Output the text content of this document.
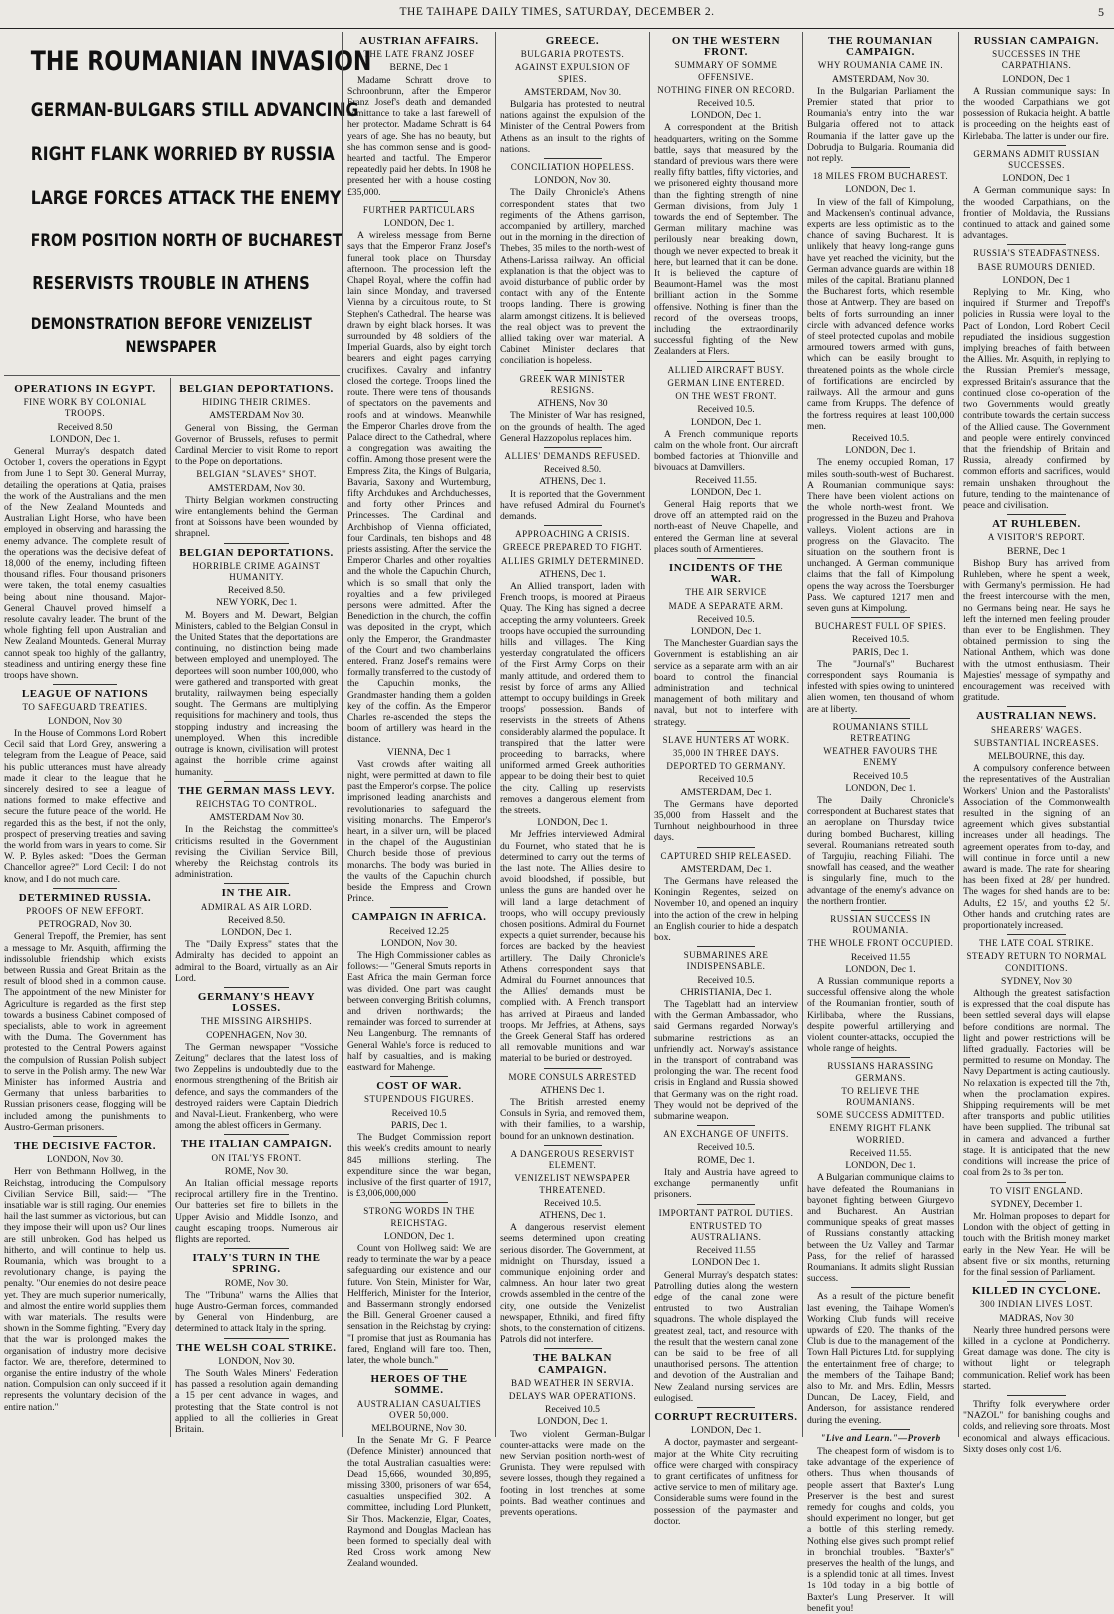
THE TAIHAPE DAILY TIMES, SATURDAY, DECEMBER 2.	5
THE ROUMANIAN INVASION
GERMAN-BULGARS STILL ADVANCING
RIGHT FLANK WORRIED BY RUSSIA
LARGE FORCES ATTACK THE ENEMY
FROM POSITION NORTH OF BUCHAREST
RESERVISTS TROUBLE IN ATHENS
DEMONSTRATION BEFORE VENIZELIST
NEWSPAPER
OPERATIONS IN EGYPT.
FINE WORK BY COLONIAL TROOPS.
Received 8.50
LONDON, Dec 1.

General Murray's despatch dated October 1, covers the operations in Egypt from June 1 to Sept 30. General Murray, detailing the operations at Qatia, praises the work of the Australians and the men of the New Zealand Mounteds and Australian Light Horse, who have been employed in observing and harassing the enemy advance. The complete result of the operations was the decisive defeat of 18,000 of the enemy, including fifteen thousand rifles. Four thousand prisoners were taken, the total enemy casualties being about nine thousand. Major-General Chauvel proved himself a resolute cavalry leader. The brunt of the whole fighting fell upon Australian and New Zealand Mounteds. General Murray cannot speak too highly of the gallantry, steadiness and untiring energy these fine troops have shown.

LEAGUE OF NATIONS
TO SAFEGUARD TREATIES.
LONDON, Nov 30

In the House of Commons Lord Robert Cecil said that Lord Grey, answering a telegram from the League of Peace, said his public utterances must have already made it clear to the league that he sincerely desired to see a league of nations formed to make effective and secure the future peace of the world. He regarded this as the best, if not the only, prospect of preserving treaties and saving the world from wars in years to come. Sir W. P. Byles asked: "Does the German Chancellor agree?" Lord Cecil: I do not know, and I do not much care.

DETERMINED RUSSIA.
PROOFS OF NEW EFFORT.
PETROGRAD, Nov 30.

General Trepoff, the Premier, has sent a message to Mr. Asquith, affirming the indissoluble friendship which exists between Russia and Great Britain as the result of blood shed in a common cause. The appointment of the new Minister for Agriculture is regarded as the first step towards a business Cabinet composed of specialists, able to work in agreement with the Duma. The Government has protested to the Central Powers against the compulsion of Russian Polish subject to serve in the Polish army. The new War Minister has informed Austria and Germany that unless barbarities to Russian prisoners cease, flogging will be included among the punishments to Austro-German prisoners.

THE DECISIVE FACTOR.
LONDON, Nov 30.

Herr von Bethmann Hollweg, in the Reichstag, introducing the Compulsory Civilian Service Bill, said:— "The insatiable war is still raging. Our enemies hail the last summer as victorious, but can they impose their will upon us? Our lines are still unbroken. God has helped us hitherto, and will continue to help us. Roumania, which was brought to a revolutionary change, is paying the penalty. "Our enemies do not desire peace yet. They are much superior numerically, and almost the entire world supplies them with war materials. The results were shown in the Somme fighting. "Every day that the war is prolonged makes the organisation of industry more decisive factor. We are, therefore, determined to organise the entire industry of the whole nation. Compulsion can only succeed if it represents the voluntary decision of the entire nation."

BELGIAN DEPORTATIONS.
HIDING THEIR CRIMES.
AMSTERDAM Nov 30.

General von Bissing, the German Governor of Brussels, refuses to permit Cardinal Mercier to visit Rome to report to the Pope on deportations.

BELGIAN "SLAVES" SHOT.
AMSTERDAM, Nov 30.

Thirty Belgian workmen constructing wire entanglements behind the German front at Soissons have been wounded by shrapnel.

BELGIAN DEPORTATIONS.
HORRIBLE CRIME AGAINST HUMANITY.
Received 8.50.
NEW YORK, Dec 1.

M. Boyers and M. Dewart, Belgian Ministers, cabled to the Belgian Consul in the United States that the deportations are continuing, no distinction being made between employed and unemployed. The deportees will soon number 100,000, who were gathered and transported with great brutality, railwaymen being especially sought. The Germans are multiplying requisitions for machinery and tools, thus stopping industry and increasing the unemployed. When this incredible outrage is known, civilisation will protest against the horrible crime against humanity.

THE GERMAN MASS LEVY.
REICHSTAG TO CONTROL.
AMSTERDAM Nov 30.

In the Reichstag the committee's criticisms resulted in the Government revising the Civilian Service Bill, whereby the Reichstag controls its administration.

IN THE AIR.
ADMIRAL AS AIR LORD.
Received 8.50.
LONDON, Dec 1.

The "Daily Express" states that the Admiralty has decided to appoint an admiral to the Board, virtually as an Air Lord.

GERMANY'S HEAVY LOSSES.
THE MISSING AIRSHIPS.
COPENHAGEN, Nov 30.

The German newspaper "Vossiche Zeitung" declares that the latest loss of two Zeppelins is undoubtedly due to the enormous strengthening of the British air defence, and says the commanders of the destroyed raiders were Captain Diedrich and Naval-Lieut. Frankenberg, who were among the ablest officers in Germany.

THE ITALIAN CAMPAIGN.
ON ITAL'YS FRONT.
ROME, Nov 30.

An Italian official message reports reciprocal artillery fire in the Trentino. Our batteries set fire to billets in the Upper Avisio and Middle Isonzo, and caught escaping troops. Numerous air flights are reported.

ITALY'S TURN IN THE SPRING.
ROME, Nov 30.

The "Tribuna" warns the Allies that huge Austro-German forces, commanded by General von Hindenburg, are determined to attack Italy in the spring.

THE WELSH COAL STRIKE.
LONDON, Nov 30.

The South Wales Miners' Federation has passed a resolution again demanding a 15 per cent advance in wages, and protesting that the State control is not applied to all the collieries in Great Britain.

AUSTRIAN AFFAIRS.
THE LATE FRANZ JOSEF
BERNE, Dec 1

Madame Schratt drove to Schroonbrunn, after the Emperor Franz Josef's death and demanded admittance to take a last farewell of her protector. Madame Schratt is 64 years of age. She has no beauty, but she has common sense and is good-hearted and tactful. The Emperor repeatedly paid her debts. In 1908 he presented her with a house costing £35,000.

FURTHER PARTICULARS
LONDON, Dec 1.

A wireless message from Berne says that the Emperor Franz Josef's funeral took place on Thursday afternoon. The procession left the Chapel Royal, where the coffin had lain since Monday, and traversed Vienna by a circuitous route, to St Stephen's Cathedral. The hearse was drawn by eight black horses. It was surrounded by 48 soldiers of the Imperial Guards, also by eight torch bearers and eight pages carrying crucifixes. Cavalry and infantry closed the cortege. Troops lined the route. There were tens of thousands of spectators on the pavements and roofs and at windows. Meanwhile the Emperor Charles drove from the Palace direct to the Cathedral, where a congregation was awaiting the coffin. Among those present were the Empress Zita, the Kings of Bulgaria, Bavaria, Saxony and Wurtemburg, fifty Archdukes and Archduchesses, and forty other Princes and Princesses. The Cardinal and Archbishop of Vienna officiated, four Cardinals, ten bishops and 48 priests assisting. After the service the Emperor Charles and other royalties and the whole the Capuchin Church, which is so small that only the royalties and a few privileged persons were admitted. After the Benediction in the church, the coffin was deposited in the crypt, which only the Emperor, the Grandmaster of the Court and two chamberlains entered. Franz Josef's remains were formally transferred to the custody of the Capuchin monks, the Grandmaster handing them a golden key of the coffin. As the Emperor Charles re-ascended the steps the boom of artillery was heard in the distance.

VIENNA, Dec 1

Vast crowds after waiting all night, were permitted at dawn to file past the Emperor's corpse. The police imprisoned leading anarchists and revolutionaries to safeguard the visiting monarchs. The Emperor's heart, in a silver urn, will be placed in the chapel of the Augustinian Church beside those of previous monarchs. The body was buried in the vaults of the Capuchin church beside the Empress and Crown Prince.

CAMPAIGN IN AFRICA.
Received 12.25
LONDON, Nov 30.

The High Commissioner cables as follows:— "General Smuts reports in East Africa the main German force was divided. One part was caught between converging British columns, and driven northwards; the remainder was forced to surrender at Neu Langenburg. The remnants of General Wahle's force is reduced to half by casualties, and is making eastward for Mahenge.

COST OF WAR.
STUPENDOUS FIGURES.
Received 10.5
PARIS, Dec 1.

The Budget Commission report this week's credits amount to nearly 845 millions sterling. The expenditure since the war began, inclusive of the first quarter of 1917, is £3,006,000,000

STRONG WORDS IN THE REICHSTAG.
LONDON, Dec 1.

Count von Hollweg said: We are ready to terminate the war by a peace safeguarding our existence and our future. Von Stein, Minister for War, Helfferich, Minister for the Interior, and Bassermann strongly endorsed the Bill. General Groener caused a sensation in the Reichstag by crying: "I promise that just as Roumania has fared, England will fare too. Then, later, the whole bunch."

HEROES OF THE SOMME.
AUSTRALIAN CASUALTIES OVER 50,000.
MELBOURNE, Nov 30.

In the Senate Mr G. F Pearce (Defence Minister) announced that the total Australian casualties were: Dead 15,666, wounded 30,895, missing 3300, prisoners of war 654, casualties unspecified 302. A committee, including Lord Plunkett, Sir Thos. Mackenzie, Elgar, Coates, Raymond and Douglas Maclean has been formed to specially deal with Red Cross work among New Zealand wounded.

GREECE.
BULGARIA PROTESTS.
AGAINST EXPULSION OF SPIES.
AMSTERDAM, Nov 30.

Bulgaria has protested to neutral nations against the expulsion of the Minister of the Central Powers from Athens as an insult to the rights of nations.

CONCILIATION HOPELESS.
LONDON, Nov 30.

The Daily Chronicle's Athens correspondent states that two regiments of the Athens garrison, accompanied by artillery, marched out in the morning in the direction of Thebes, 35 miles to the north-west of Athens-Larissa railway. An official explanation is that the object was to avoid disturbance of public order by contact with any of the Entente troops landing. There is growing alarm amongst citizens. It is believed the real object was to prevent the allied taking over war material. A Cabinet Minister declares that conciliation is hopeless.

GREEK WAR MINISTER RESIGNS.
ATHENS, Nov 30

The Minister of War has resigned, on the grounds of health. The aged General Hazzopolus replaces him.

ALLIES' DEMANDS REFUSED.
Received 8.50.
ATHENS, Dec 1.

It is reported that the Government have refused Admiral du Fournet's demands.

APPROACHING A CRISIS.
GREECE PREPARED TO FIGHT.
ALLIES GRIMLY DETERMINED.
ATHENS, Dec 1.

An Allied transport, laden with French troops, is moored at Piraeus Quay. The King has signed a decree accepting the army volunteers. Greek troops have occupied the surrounding hills and villages. The King yesterday congratulated the officers of the First Army Corps on their manly attitude, and ordered them to resist by force of arms any Allied attempt to occupy buildings in Greek troops' possession. Bands of reservists in the streets of Athens considerably alarmed the populace. It transpired that the latter were proceeding to barracks, where uniformed armed Greek authorities appear to be doing their best to quiet the city. Calling up reservists removes a dangerous element from the streets.

LONDON, Dec 1.

Mr Jeffries interviewed Admiral du Fournet, who stated that he is determined to carry out the terms of the last note. The Allies desire to avoid bloodshed, if possible, but unless the guns are handed over he will land a large detachment of troops, who will occupy previously chosen positions. Admiral du Fournet expects a quiet surrender, because his forces are backed by the heaviest artillery. The Daily Chronicle's Athens correspondent says that Admiral du Fournet announces that the Allies' demands must be complied with. A French transport has arrived at Piraeus and landed troops. Mr Jeffries, at Athens, says the Greek General Staff has ordered all removable munitions and war material to be buried or destroyed.

MORE CONSULS ARRESTED
ATHENS Dec 1.

The British arrested enemy Consuls in Syria, and removed them, with their families, to a warship, bound for an unknown destination.

A DANGEROUS RESERVIST ELEMENT.
VENIZELIST NEWSPAPER THREATENED.
Received 10.5.
ATHENS, Dec 1.

A dangerous reservist element seems determined upon creating serious disorder. The Government, at midnight on Thursday, issued a communique enjoining order and calmness. An hour later two great crowds assembled in the centre of the city, one outside the Venizelist newspaper, Ethniki, and fired fifty shots, to the consternation of citizens. Patrols did not interfere.

THE BALKAN CAMPAIGN.
BAD WEATHER IN SERVIA.
DELAYS WAR OPERATIONS.
Received 10.5
LONDON, Dec 1.

Two violent German-Bulgar counter-attacks were made on the new Servian position north-west of Grunista. They were repulsed with severe losses, though they regained a footing in lost trenches at some points. Bad weather continues and prevents operations.

ON THE WESTERN FRONT.
SUMMARY OF SOMME OFFENSIVE.
NOTHING FINER ON RECORD.
Received 10.5.
LONDON, Dec 1.

A correspondent at the British headquarters, writing on the Somme battle, says that measured by the standard of previous wars there were really fifty battles, fifty victories, and we prisonered eighty thousand more than the fighting strength of nine German divisions, from July 1 towards the end of September. The German military machine was perilously near breaking down, though we never expected to break it here, but learned that it can be done. It is believed the capture of Beaumont-Hamel was the most brilliant action in the Somme offensive. Nothing is finer than the record of the overseas troops, including the extraordinarily successful fighting of the New Zealanders at Flers.

ALLIED AIRCRAFT BUSY.
GERMAN LINE ENTERED.
ON THE WEST FRONT.
Received 10.5.
LONDON, Dec 1.

A French communique reports calm on the whole front. Our aircraft bombed factories at Thionville and bivouacs at Damvillers.

Received 11.55.
LONDON, Dec 1.

General Haig reports that we drove off an attempted raid on the north-east of Neuve Chapelle, and entered the German line at several places south of Armentieres.

INCIDENTS OF THE WAR.
THE AIR SERVICE
MADE A SEPARATE ARM.
Received 10.5.
LONDON, Dec 1.

The Manchester Guardian says the Government is establishing an air service as a separate arm with an air board to control the financial administration and technical management of both military and naval, but not to interfere with strategy.

SLAVE HUNTERS AT WORK.
35,000 IN THREE DAYS.
DEPORTED TO GERMANY.
Received 10.5
AMSTERDAM, Dec 1.

The Germans have deported 35,000 from Hasselt and the Turnhout neighbourhood in three days.

CAPTURED SHIP RELEASED.
AMSTERDAM, Dec 1.

The Germans have released the Koningin Regentes, seized on November 10, and opened an inquiry into the action of the crew in helping an English courier to hide a despatch box.

SUBMARINES ARE INDISPENSABLE.
Received 10.5.
CHRISTIANIA, Dec 1.

The Tageblatt had an interview with the German Ambassador, who said Germans regarded Norway's submarine restrictions as an unfriendly act. Norway's assistance in the transport of contraband was prolonging the war. The recent food crisis in England and Russia showed that Germany was on the right road. They would not be deprived of the submarine weapon.

AN EXCHANGE OF UNFITS.
Received 10.5.
ROME, Dec 1.

Italy and Austria have agreed to exchange permanently unfit prisoners.

IMPORTANT PATROL DUTIES.
ENTRUSTED TO AUSTRALIANS.
Received 11.55
LONDON Dec 1.

General Murray's despatch states: Patrolling duties along the western edge of the canal zone were entrusted to two Australian squadrons. The whole displayed the greatest zeal, tact, and resource with the result that the western canal zone can be said to be free of all unauthorised persons. The attention and devotion of the Australian and New Zealand nursing services are eulogised.

CORRUPT RECRUITERS.
LONDON, Dec 1.

A doctor, paymaster and sergeant-major at the White City recruiting office were charged with conspiracy to grant certificates of unfitness for active service to men of military age. Considerable sums were found in the possession of the paymaster and doctor.

THE ROUMANIAN CAMPAIGN.
WHY ROUMANIA CAME IN.
AMSTERDAM, Nov 30.

In the Bulgarian Parliament the Premier stated that prior to Roumania's entry into the war Bulgaria offered not to attack Roumania if the latter gave up the Dobrudja to Bulgaria. Roumania did not reply.

18 MILES FROM BUCHAREST.
LONDON, Dec 1.

In view of the fall of Kimpolung, and Mackensen's continual advance, experts are less optimistic as to the chance of saving Bucharest. It is unlikely that heavy long-range guns have yet reached the vicinity, but the German advance guards are within 18 miles of the capital. Bratianu planned the Bucharest forts, which resemble those at Antwerp. They are based on belts of forts surrounding an inner circle with advanced defence works of steel protected cupolas and mobile armoured towers armed with guns, which can be easily brought to threatened points as the whole circle of fortifications are encircled by railways. All the armour and guns came from Krupps. The defence of the fortress requires at least 100,000 men.

Received 10.5.
LONDON, Dec 1.

The enemy occupied Roman, 17 miles south-south-west of Bucharest. A Roumanian communique says: There have been violent actions on the whole north-west front. We progressed in the Buzeu and Prahova valleys. Violent actions are in progress on the Glavacito. The situation on the southern front is unchanged. A German communique claims that the fall of Kimpolung opens the way across the Toersburger Pass. We captured 1217 men and seven guns at Kimpolung.

BUCHAREST FULL OF SPIES.
Received 10.5.
PARIS, Dec 1.

The "Journal's" Bucharest correspondent says Roumania is infested with spies owing to unintered alien women, ten thousand of whom are at liberty.

ROUMANIANS STILL RETREATING
WEATHER FAVOURS THE ENEMY
Received 10.5
LONDON, Dec 1.

The Daily Chronicle's correspondent at Bucharest states that an aeroplane on Thursday twice during bombed Bucharest, killing several. Roumanians retreated south of Targujiu, reaching Filiahi. The snowfall has ceased, and the weather is singularly fine, much to the advantage of the enemy's advance on the northern frontier.

RUSSIAN SUCCESS IN ROUMANIA.
THE WHOLE FRONT OCCUPIED.
Received 11.55
LONDON, Dec 1.

A Russian communique reports a successful offensive along the whole of the Roumanian frontier, south of Kirlibaba, where the Russians, despite powerful artillerying and violent counter-attacks, occupied the whole range of heights.

RUSSIANS HARASSING GERMANS.
TO RELIEVE THE ROUMANIANS.
SOME SUCCESS ADMITTED.
ENEMY RIGHT FLANK WORRIED.
Received 11.55.
LONDON, Dec 1.

A Bulgarian communique claims to have defeated the Roumanians in bayonet fighting between Giurgevo and Bucharest. An Austrian communique speaks of great masses of Russians constantly attacking between the Uz Valley and Tarmar Pass, for the relief of harassed Roumanians. It admits slight Russian success.

As a result of the picture benefit last evening, the Taihape Women's Working Club funds will receive upwards of £20. The thanks of the Club is due to the management of the Town Hall Pictures Ltd. for supplying the entertainment free of charge; to the members of the Taihape Band; also to Mr. and Mrs. Edlin, Messrs Duncan, De Lacey, Field, and Anderson, for assistance rendered during the evening.

"Live and Learn."—Proverb

The cheapest form of wisdom is to take advantage of the experience of others. Thus when thousands of people assert that Baxter's Lung Preserver is the best and surest remedy for coughs and colds, you should experiment no longer, but get a bottle of this sterling remedy. Nothing else gives such prompt relief in bronchial troubles. "Baxter's" preserves the health of the lungs, and is a splendid tonic at all times. Invest 1s 10d today in a big bottle of Baxter's Lung Preserver. It will benefit you!

RUSSIAN CAMPAIGN.
SUCCESSES IN THE CARPATHIANS.
LONDON, Dec 1

A Russian communique says: In the wooded Carpathians we got possession of Rukacia height. A battle is proceeding on the heights east of Kirlebaba. The latter is under our fire.

GERMANS ADMIT RUSSIAN SUCCESSES.
LONDON, Dec 1

A German communique says: In the wooded Carpathians, on the frontier of Moldavia, the Russians continued to attack and gained some advantages.

RUSSIA'S STEADFASTNESS.
BASE RUMOURS DENIED.
LONDON, Dec 1

Replying to Mr. King, who inquired if Sturmer and Trepoff's policies in Russia were loyal to the Pact of London, Lord Robert Cecil repudiated the insidious suggestion implying breaches of faith between the Allies. Mr. Asquith, in replying to the Russian Premier's message, expressed Britain's assurance that the continued close co-operation of the two Governments would greatly contribute towards the certain success of the Allied cause. The Government and people were entirely convinced that the friendship of Britain and Russia, already confirmed by common efforts and sacrifices, would remain unshaken throughout the future, tending to the maintenance of peace and civilisation.

AT RUHLEBEN.
A VISITOR'S REPORT.
BERNE, Dec 1

Bishop Bury has arrived from Ruhleben, where he spent a week, with Germany's permission. He had the freest intercourse with the men, no Germans being near. He says he left the interned men feeling prouder than ever to be Englishmen. They obtained permission to sing the National Anthem, which was done with the utmost enthusiasm. Their Majesties' message of sympathy and encouragement was received with gratitude.

AUSTRALIAN NEWS.
SHEARERS' WAGES.
SUBSTANTIAL INCREASES.
MELBOURNE, this day.

A compulsory conference between the representatives of the Australian Workers' Union and the Pastoralists' Association of the Commonwealth resulted in the signing of an agreement which gives substantial increases under all headings. The agreement operates from to-day, and will continue in force until a new award is made. The rate for shearing has been fixed at 28/ per hundred. The wages for shed hands are to be: Adults, £2 15/, and youths £2 5/. Other hands and crutching rates are proportionately increased.

THE LATE COAL STRIKE.
STEADY RETURN TO NORMAL CONDITIONS.
SYDNEY, Nov 30

Although the greatest satisfaction is expressed that the coal dispute has been settled several days will elapse before conditions are normal. The light and power restrictions will be lifted gradually. Factories will be permitted to resume on Monday. The Navy Department is acting cautiously. No relaxation is expected till the 7th, when the proclamation expires. Shipping requirements will be met after transports and public utilities have been supplied. The tribunal sat in camera and advanced a further stage. It is anticipated that the new conditions will increase the price of coal from 2s to 3s per ton.

TO VISIT ENGLAND.
SYDNEY, December 1.

Mr. Holman proposes to depart for London with the object of getting in touch with the British money market early in the New Year. He will be absent five or six months, returning for the final session of Parliament.

KILLED IN CYCLONE.
300 INDIAN LIVES LOST.
MADRAS, Nov 30

Nearly three hundred persons were killed in a cyclone at Pondicherry. Great damage was done. The city is without light or telegraph communication. Relief work has been started.

Thrifty folk everywhere order "NAZOL" for banishing coughs and colds, and relieving sore throats. Most economical and always efficacious. Sixty doses only cost 1/6.
